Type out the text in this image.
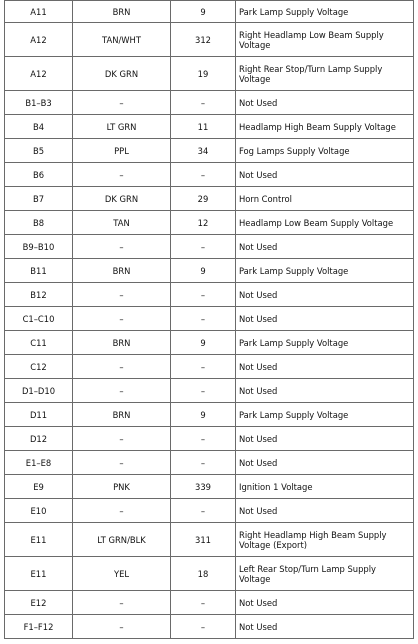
A11	BRN	9	Park Lamp Supply Voltage
A12	TAN/WHT	312	Right Headlamp Low Beam Supply Voltage
A12	DK GRN	19	Right Rear Stop/Turn Lamp Supply Voltage
B1–B3	–	–	Not Used
B4	LT GRN	11	Headlamp High Beam Supply Voltage
B5	PPL	34	Fog Lamps Supply Voltage
B6	–	–	Not Used
B7	DK GRN	29	Horn Control
B8	TAN	12	Headlamp Low Beam Supply Voltage
B9–B10	–	–	Not Used
B11	BRN	9	Park Lamp Supply Voltage
B12	–	–	Not Used
C1–C10	–	–	Not Used
C11	BRN	9	Park Lamp Supply Voltage
C12	–	–	Not Used
D1–D10	–	–	Not Used
D11	BRN	9	Park Lamp Supply Voltage
D12	–	–	Not Used
E1–E8	–	–	Not Used
E9	PNK	339	Ignition 1 Voltage
E10	–	–	Not Used
E11	LT GRN/BLK	311	Right Headlamp High Beam Supply Voltage (Export)
E11	YEL	18	Left Rear Stop/Turn Lamp Supply Voltage
E12	–	–	Not Used
F1–F12	–	–	Not Used
